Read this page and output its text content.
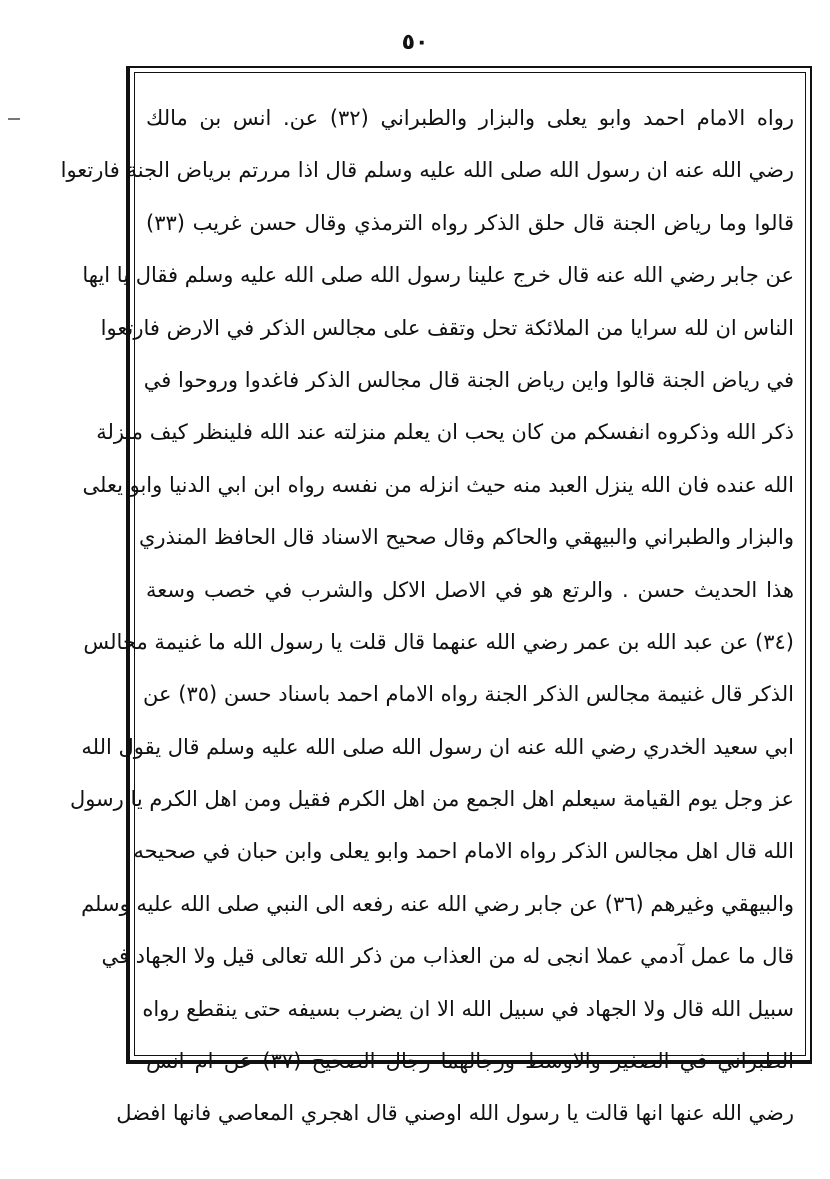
٥٠
رواه الامام احمد وابو يعلى والبزار والطبراني (٣٢) عن. انس بن مالك
رضي الله عنه ان رسول الله صلى الله عليه وسلم قال اذا مررتم برياض الجنة فارتعوا
قالوا وما رياض الجنة قال حلق الذكر رواه الترمذي وقال حسن غريب (٣٣)
عن جابر رضي الله عنه قال خرج علينا رسول الله صلى الله عليه وسلم فقال يا ايها
الناس ان لله سرايا من الملائكة تحل وتقف على مجالس الذكر في الارض فارتعوا
في رياض الجنة قالوا واين رياض الجنة قال مجالس الذكر فاغدوا وروحوا في
ذكر الله وذكروه انفسكم من كان يحب ان يعلم منزلته عند الله فلينظر كيف منزلة
الله عنده فان الله ينزل العبد منه حيث انزله من نفسه رواه ابن ابي الدنيا وابو يعلى
والبزار والطبراني والبيهقي والحاكم وقال صحيح الاسناد قال الحافظ المنذري
هذا الحديث حسن . والرتع هو في الاصل الاكل والشرب في خصب وسعة
(٣٤) عن عبد الله بن عمر رضي الله عنهما قال قلت يا رسول الله ما غنيمة مجالس
الذكر قال غنيمة مجالس الذكر الجنة رواه الامام احمد باسناد حسن (٣٥) عن
ابي سعيد الخدري رضي الله عنه ان رسول الله صلى الله عليه وسلم قال يقول الله
عز وجل يوم القيامة سيعلم اهل الجمع من اهل الكرم فقيل ومن اهل الكرم يا رسول
الله قال اهل مجالس الذكر رواه الامام احمد وابو يعلى وابن حبان في صحيحه
والبيهقي وغيرهم (٣٦) عن جابر رضي الله عنه رفعه الى النبي صلى الله عليه وسلم
قال ما عمل آدمي عملا انجى له من العذاب من ذكر الله تعالى قيل ولا الجهاد في
سبيل الله قال ولا الجهاد في سبيل الله الا ان يضرب بسيفه حتى ينقطع رواه
الطبراني في الصغير والاوسط ورجالهما رجال الصحيح (٣٧) عن ام انس
رضي الله عنها انها قالت يا رسول الله اوصني قال اهجري المعاصي فانها افضل
